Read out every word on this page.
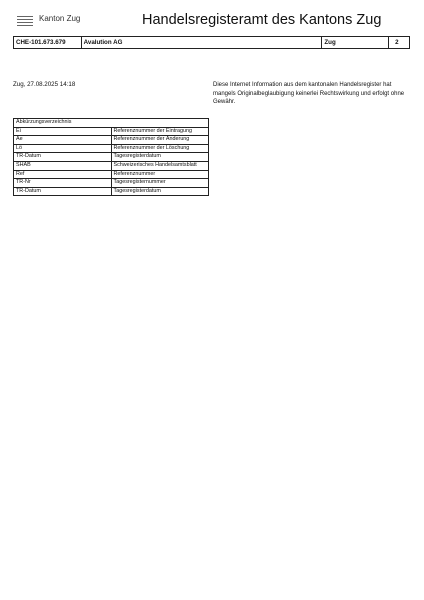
Kanton Zug	Handelsregisteramt des Kantons Zug
CHE-101.673.679	Avalution AG	Zug	2
Zug, 27.08.2025 14:18	Diese Internet Information aus dem kantonalen Handelsregister hat mangels Originalbeglaubigung keinerlei Rechtswirkung und erfolgt ohne Gewähr.
Abkürzungsverzeichnis	
Ei	Referenznummer der Eintragung
Ae	Referenznummer der Änderung
Lö	Referenznummer der Löschung
TR-Datum	Tagesregisterdatum
SHAB	Schweizerisches Handelsamtsblatt
Ref	Referenznummer
TR-Nr	Tagesregisternummer
TR-Datum	Tagesregisterdatum
